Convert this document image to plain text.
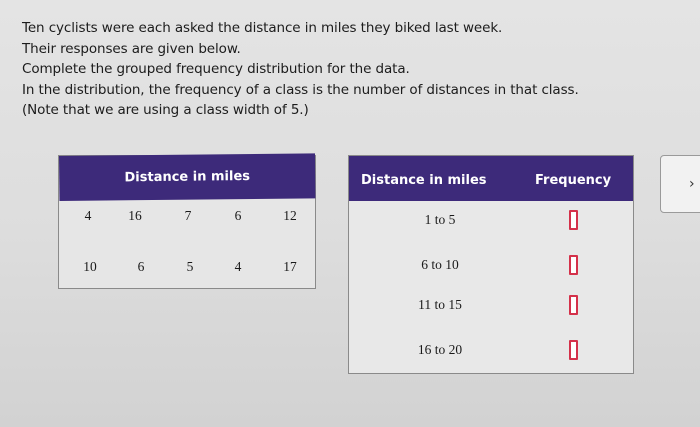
Ten cyclists were each asked the distance in miles they biked last week.
Their responses are given below.
Complete the grouped frequency distribution for the data.
In the distribution, the frequency of a class is the number of distances in that class.
(Note that we are using a class width of 5.)
Distance in miles
4	16	7	6	12
10	6	5	4	17
Distance in miles	Frequency
1 to 5
6 to 10
11 to 15
16 to 20
›
